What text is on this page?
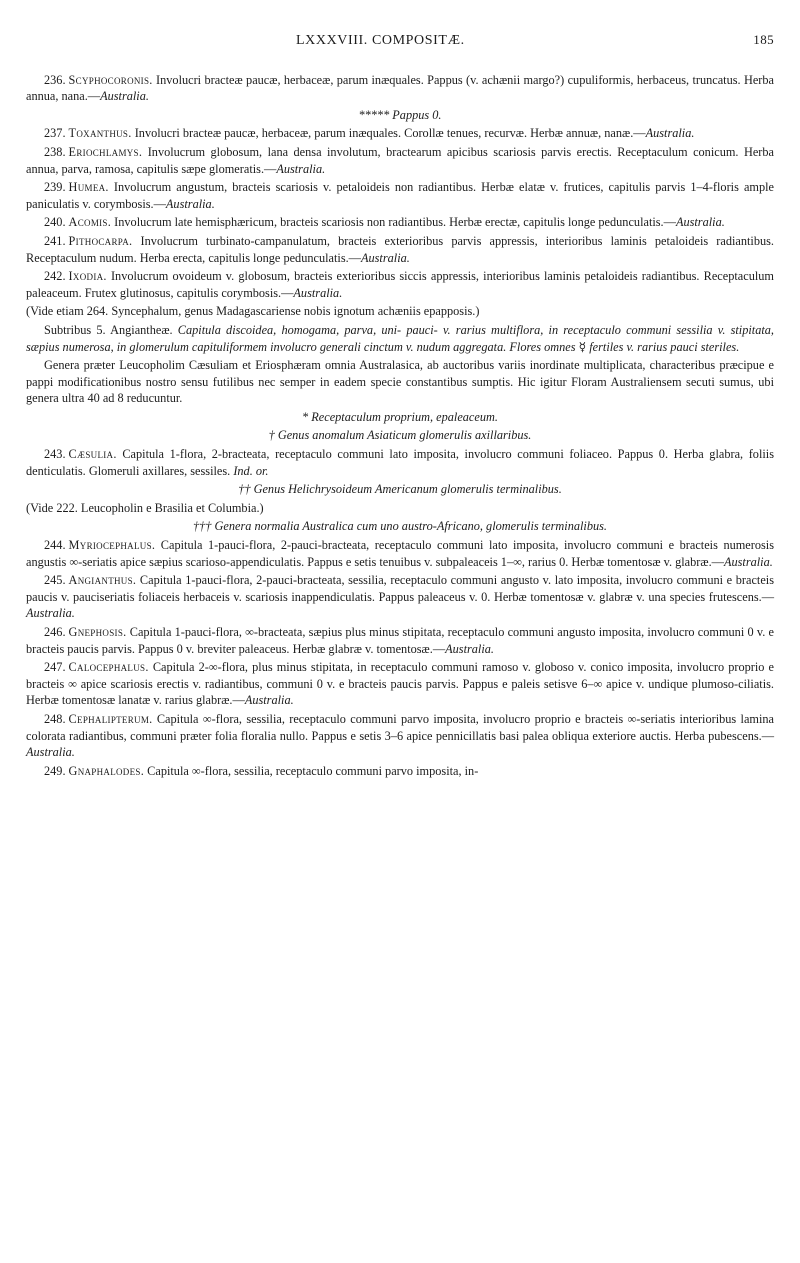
LXXXVIII. COMPOSITÆ.	185

236. Scyphocoronis. Involucri bracteæ paucæ, herbaceæ, parum inæquales. Pappus (v. achænii margo?) cupuliformis, herbaceus, truncatus. Herba annua, nana.—Australia.

***** Pappus 0.

237. Toxanthus. Involucri bracteæ paucæ, herbaceæ, parum inæquales. Corollæ tenues, recurvæ. Herbæ annuæ, nanæ.—Australia.

238. Eriochlamys. Involucrum globosum, lana densa involutum, bractearum apicibus scariosis parvis erectis. Receptaculum conicum. Herba annua, parva, ramosa, capitulis sæpe glomeratis.—Australia.

239. Humea. Involucrum angustum, bracteis scariosis v. petaloideis non radiantibus. Herbæ elatæ v. frutices, capitulis parvis 1–4-floris ample paniculatis v. corymbosis.—Australia.

240. Acomis. Involucrum late hemisphæricum, bracteis scariosis non radiantibus. Herbæ erectæ, capitulis longe pedunculatis.—Australia.

241. Pithocarpa. Involucrum turbinato-campanulatum, bracteis exterioribus parvis appressis, interioribus laminis petaloideis radiantibus. Receptaculum nudum. Herba erecta, capitulis longe pedunculatis.—Australia.

242. Ixodia. Involucrum ovoideum v. globosum, bracteis exterioribus siccis appressis, interioribus laminis petaloideis radiantibus. Receptaculum paleaceum. Frutex glutinosus, capitulis corymbosis.—Australia.

(Vide etiam 264. Syncephalum, genus Madagascariense nobis ignotum achæniis epapposis.)

Subtribus 5. Angiantheæ. Capitula discoidea, homogama, parva, uni- pauci- v. rarius multiflora, in receptaculo communi sessilia v. stipitata, sæpius numerosa, in glomerulum capituliformem involucro generali cinctum v. nudum aggregata. Flores omnes ☿ fertiles v. rarius pauci steriles.

Genera præter Leucopholim Cæsuliam et Eriosphæram omnia Australasica, ab auctoribus variis inordinate multiplicata, characteribus præcipue e pappi modificationibus nostro sensu futilibus nec semper in eadem specie constantibus sumptis. Hic igitur Floram Australiensem secuti sumus, ubi genera ultra 40 ad 8 reducuntur.

* Receptaculum proprium, epaleaceum.

† Genus anomalum Asiaticum glomerulis axillaribus.

243. Cæsulia. Capitula 1-flora, 2-bracteata, receptaculo communi lato imposita, involucro communi foliaceo. Pappus 0. Herba glabra, foliis denticulatis. Glomeruli axillares, sessiles. Ind. or.

†† Genus Helichrysoideum Americanum glomerulis terminalibus.

(Vide 222. Leucopholin e Brasilia et Columbia.)

††† Genera normalia Australica cum uno austro-Africano, glomerulis terminalibus.

244. Myriocephalus. Capitula 1-pauci-flora, 2-pauci-bracteata, receptaculo communi lato imposita, involucro communi e bracteis numerosis angustis ∞-seriatis apice sæpius scarioso-appendiculatis. Pappus e setis tenuibus v. subpaleaceis 1–∞, rarius 0. Herbæ tomentosæ v. glabræ.—Australia.

245. Angianthus. Capitula 1-pauci-flora, 2-pauci-bracteata, sessilia, receptaculo communi angusto v. lato imposita, involucro communi e bracteis paucis v. pauciseriatis foliaceis herbaceis v. scariosis inappendiculatis. Pappus paleaceus v. 0. Herbæ tomentosæ v. glabræ v. una species frutescens.—Australia.

246. Gnephosis. Capitula 1-pauci-flora, ∞-bracteata, sæpius plus minus stipitata, receptaculo communi angusto imposita, involucro communi 0 v. e bracteis paucis parvis. Pappus 0 v. breviter paleaceus. Herbæ glabræ v. tomentosæ.—Australia.

247. Calocephalus. Capitula 2-∞-flora, plus minus stipitata, in receptaculo communi ramoso v. globoso v. conico imposita, involucro proprio e bracteis ∞ apice scariosis erectis v. radiantibus, communi 0 v. e bracteis paucis parvis. Pappus e paleis setisve 6–∞ apice v. undique plumoso-ciliatis. Herbæ tomentosæ lanatæ v. rarius glabræ.—Australia.

248. Cephalipterum. Capitula ∞-flora, sessilia, receptaculo communi parvo imposita, involucro proprio e bracteis ∞-seriatis interioribus lamina colorata radiantibus, communi præter folia floralia nullo. Pappus e setis 3–6 apice pennicillatis basi palea obliqua exteriore auctis. Herba pubescens.—Australia.

249. Gnaphalodes. Capitula ∞-flora, sessilia, receptaculo communi parvo imposita, in-
